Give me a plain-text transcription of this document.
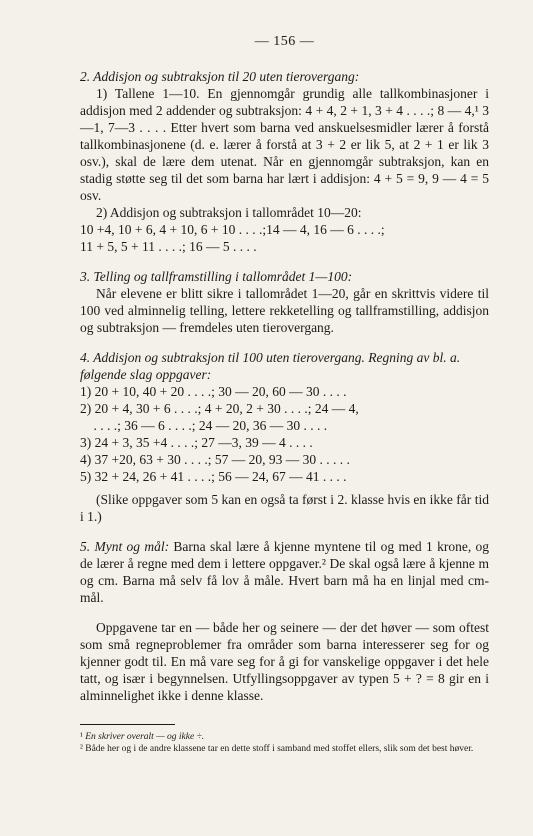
— 156 —
2. Addisjon og subtraksjon til 20 uten tierovergang:

1) Tallene 1—10. En gjennomgår grundig alle tallkombinasjoner i addisjon med 2 addender og subtraksjon: 4 + 4, 2 + 1, 3 + 4 . . . .; 8 — 4,¹ 3—1, 7—3 . . . . Etter hvert som barna ved anskuelsesmidler lærer å forstå tallkombinasjonene (d. e. lærer å forstå at 3 + 2 er lik 5, at 2 + 1 er lik 3 osv.), skal de lære dem utenat. Når en gjennomgår subtraksjon, kan en stadig støtte seg til det som barna har lært i addisjon: 4 + 5 = 9, 9 — 4 = 5 osv.

2) Addisjon og subtraksjon i tallområdet 10—20:

10 +4, 10 + 6, 4 + 10, 6 + 10 . . . .;14 — 4, 16 — 6 . . . .;
11 + 5, 5 + 11 . . . .; 16 — 5 . . . .
3. Telling og tallframstilling i tallområdet 1—100:

Når elevene er blitt sikre i tallområdet 1—20, går en skrittvis videre til 100 ved alminnelig telling, lettere rekketelling og tallframstilling, addisjon og subtraksjon — fremdeles uten tierovergang.

4. Addisjon og subtraksjon til 100 uten tierovergang. Regning av bl. a. følgende slag oppgaver:
1) 20 + 10, 40 + 20 . . . .; 30 — 20, 60 — 30 . . . .
2) 20 + 4, 30 + 6 . . . .; 4 + 20, 2 + 30 . . . .; 24 — 4,
. . . .; 36 — 6 . . . .; 24 — 20, 36 — 30 . . . .
3) 24 + 3, 35 +4 . . . .; 27 —3, 39 — 4 . . . .
4) 37 +20, 63 + 30 . . . .; 57 — 20, 93 — 30 . . . . .
5) 32 + 24, 26 + 41 . . . .; 56 — 24, 67 — 41 . . . .

(Slike oppgaver som 5 kan en også ta først i 2. klasse hvis en ikke får tid i 1.)

5. Mynt og mål: Barna skal lære å kjenne myntene til og med 1 krone, og de lærer å regne med dem i lettere oppgaver.² De skal også lære å kjenne m og cm. Barna må selv få lov å måle. Hvert barn må ha en linjal med cm-mål.

Oppgavene tar en — både her og seinere — der det høver — som oftest som små regneproblemer fra områder som barna interesserer seg for og kjenner godt til. En må vare seg for å gi for vanskelige oppgaver i det hele tatt, og især i begynnelsen. Utfyllingsoppgaver av typen 5 + ? = 8 gir en i alminnelighet ikke i denne klasse.

¹ En skriver overalt — og ikke ÷.
² Både her og i de andre klassene tar en dette stoff i samband med stoffet ellers, slik som det best høver.
